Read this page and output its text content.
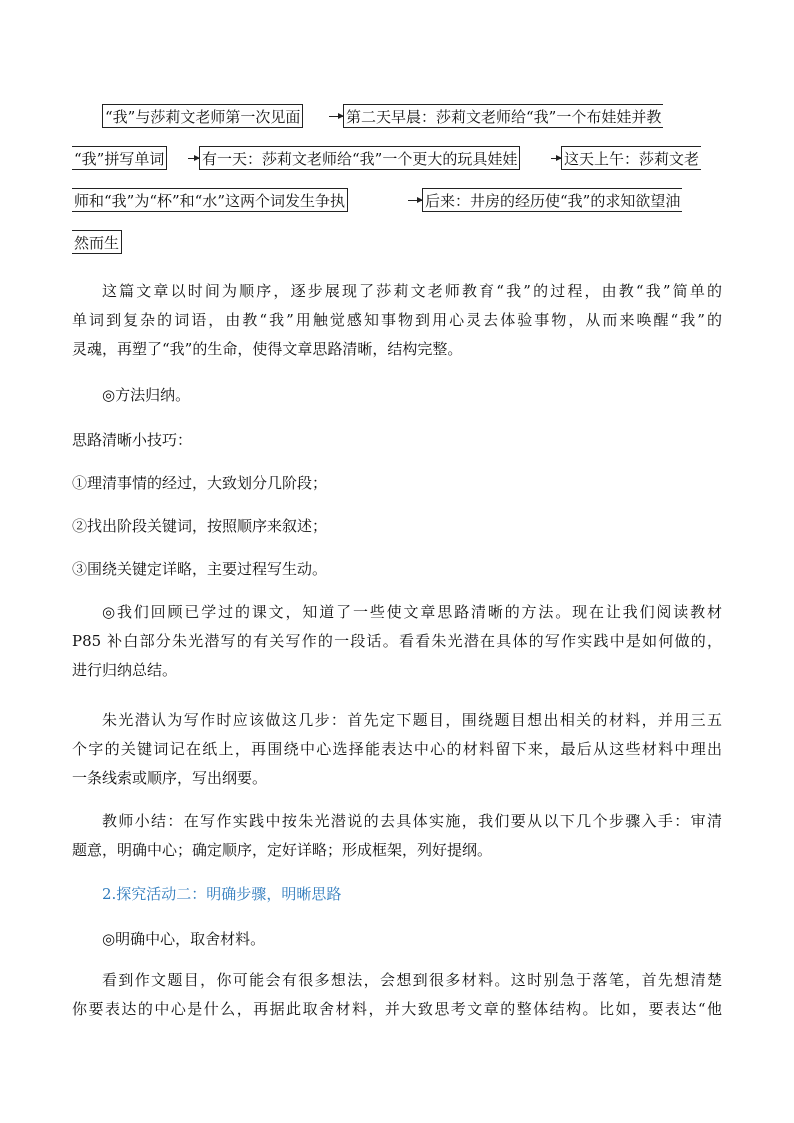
“我”与莎莉文老师第一次见面	第二天早晨：莎莉文老师给“我”一个布娃娃并教
“我”拼写单词	有一天：莎莉文老师给“我”一个更大的玩具娃娃	这天上午：莎莉文老
师和“我”为“杯”和“水”这两个词发生争执	后来：井房的经历使“我”的求知欲望油
然而生
这篇文章以时间为顺序，逐步展现了莎莉文老师教育“我”的过程，由教“我”简单的
单词到复杂的词语，由教“我”用触觉感知事物到用心灵去体验事物，从而来唤醒“我”的
灵魂，再塑了“我”的生命，使得文章思路清晰，结构完整。

◎方法归纳。

思路清晰小技巧：

①理清事情的经过，大致划分几阶段；

②找出阶段关键词，按照顺序来叙述；

③围绕关键定详略，主要过程写生动。

◎我们回顾已学过的课文，知道了一些使文章思路清晰的方法。现在让我们阅读教材
P85 补白部分朱光潜写的有关写作的一段话。看看朱光潜在具体的写作实践中是如何做的，
进行归纳总结。
朱光潜认为写作时应该做这几步：首先定下题目，围绕题目想出相关的材料，并用三五
个字的关键词记在纸上，再围绕中心选择能表达中心的材料留下来，最后从这些材料中理出
一条线索或顺序，写出纲要。
教师小结：在写作实践中按朱光潜说的去具体实施，我们要从以下几个步骤入手：审清
题意，明确中心；确定顺序，定好详略；形成框架，列好提纲。

2.探究活动二：明确步骤，明晰思路

◎明确中心，取舍材料。

看到作文题目，你可能会有很多想法，会想到很多材料。这时别急于落笔，首先想清楚
你要表达的中心是什么，再据此取舍材料，并大致思考文章的整体结构。比如，要表达“他
